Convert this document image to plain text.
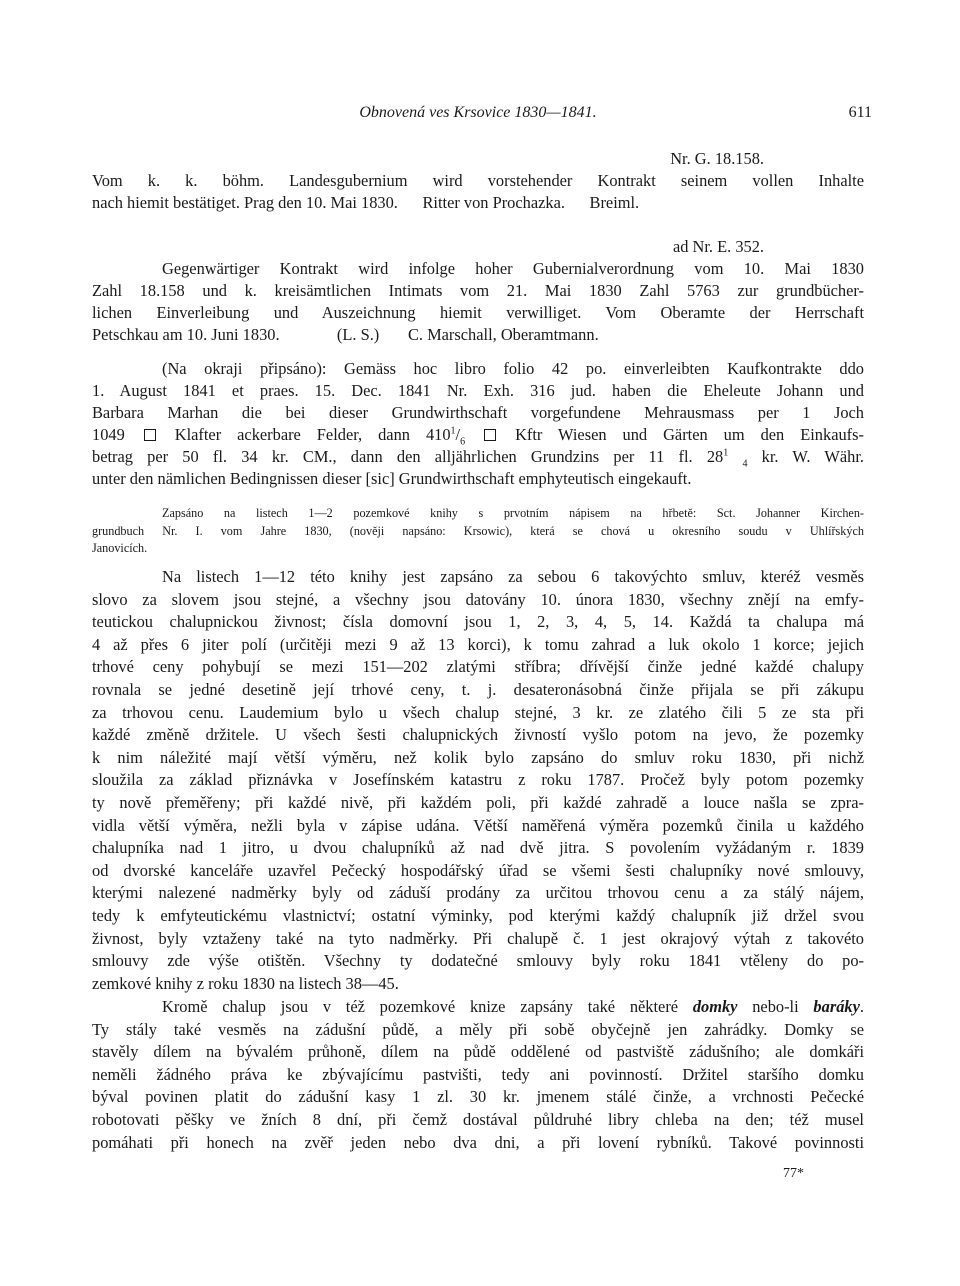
Obnovená ves Krsovice 1830—1841.	611
Nr. G. 18.158.
Vom k. k. böhm. Landesgubernium wird vorstehender Kontrakt seinem vollen Inhalte
nach hiemit bestätiget. Prag den 10. Mai 1830.      Ritter von Prochazka.      Breiml.
ad Nr. E. 352.
Gegenwärtiger Kontrakt wird infolge hoher Gubernialverordnung vom 10. Mai 1830
Zahl 18.158 und k. kreisämtlichen Intimats vom 21. Mai 1830 Zahl 5763 zur grundbücher-
lichen Einverleibung und Auszeichnung hiemit verwilliget. Vom Oberamte der Herrschaft
Petschkau am 10. Juni 1830.              (L. S.)       C. Marschall, Oberamtmann.
(Na okraji připsáno): Gemäss hoc libro folio 42 po. einverleibten Kaufkontrakte ddo
1. August 1841 et praes. 15. Dec. 1841 Nr. Exh. 316 jud. haben die Eheleute Johann und
Barbara Marhan die bei dieser Grundwirthschaft vorgefundene Mehrausmass per 1 Joch
1049	Klafter ackerbare Felder, dann $410^1/_6$	Kftr Wiesen und Gärten um den Einkaufs-
betrag per 50 fl. 34 kr. CM., dann den alljährlichen Grundzins per 11 fl. $28^1$ $_4$ kr. W. Währ.
unter den nämlichen Bedingnissen dieser [sic] Grundwirthschaft emphyteutisch eingekauft.
Zapsáno na listech 1—2 pozemkové knihy s prvotním nápisem na hřbetě: Sct. Johanner Kirchen-
grundbuch Nr. I. vom Jahre 1830, (nověji napsáno: Krsowic), která se chová u okresního soudu v Uhlířských
Janovicích.
Na listech 1—12 této knihy jest zapsáno za sebou 6 takovýchto smluv, kteréž vesměs
slovo za slovem jsou stejné, a všechny jsou datovány 10. února 1830, všechny znějí na emfy-
teutickou chalupnickou živnost; čísla domovní jsou 1, 2, 3, 4, 5, 14. Každá ta chalupa má
4 až přes 6 jiter polí (určitěji mezi 9 až 13 korci), k tomu zahrad a luk okolo 1 korce; jejich
trhové ceny pohybují se mezi 151—202 zlatými stříbra; dřívější činže jedné každé chalupy
rovnala se jedné desetině její trhové ceny, t. j. desateronásobná činže přijala se při zákupu
za trhovou cenu. Laudemium bylo u všech chalup stejné, 3 kr. ze zlatého čili 5 ze sta při
každé změně držitele. U všech šesti chalupnických živností vyšlo potom na jevo, že pozemky
k nim náležité mají větší výměru, než kolik bylo zapsáno do smluv roku 1830, při nichž
sloužila za základ přiznávka v Josefínském katastru z roku 1787. Pročež byly potom pozemky
ty nově přeměřeny; při každé nivě, při každém poli, při každé zahradě a louce našla se zpra-
vidla větší výměra, nežli byla v zápise udána. Větší naměřená výměra pozemků činila u každého
chalupníka nad 1 jitro, u dvou chalupníků až nad dvě jitra. S povolením vyžádaným r. 1839
od dvorské kanceláře uzavřel Pečecký hospodářský úřad se všemi šesti chalupníky nové smlouvy,
kterými nalezené nadměrky byly od záduší prodány za určitou trhovou cenu a za stálý nájem,
tedy k emfyteutickému vlastnictví; ostatní výminky, pod kterými každý chalupník již držel svou
živnost, byly vztaženy také na tyto nadměrky. Při chalupě č. 1 jest okrajový výtah z takovéto
smlouvy zde výše otištěn. Všechny ty dodatečné smlouvy byly roku 1841 vtěleny do po-
zemkové knihy z roku 1830 na listech 38—45.
Kromě chalup jsou v též pozemkové knize zapsány také některé domky nebo-li baráky.
Ty stály také vesměs na zádušní půdě, a měly při sobě obyčejně jen zahrádky. Domky se
stavěly dílem na bývalém průhoně, dílem na půdě oddělené od pastviště zádušního; ale domkáři
neměli žádného práva ke zbývajícímu pastvišti, tedy ani povinností. Držitel staršího domku
býval povinen platit do zádušní kasy 1 zl. 30 kr. jmenem stálé činže, a vrchnosti Pečecké
robotovati pěšky ve žních 8 dní, při čemž dostával půldruhé libry chleba na den; též musel
pomáhati při honech na zvěř jeden nebo dva dni, a při lovení rybníků. Takové povinnosti
77*
